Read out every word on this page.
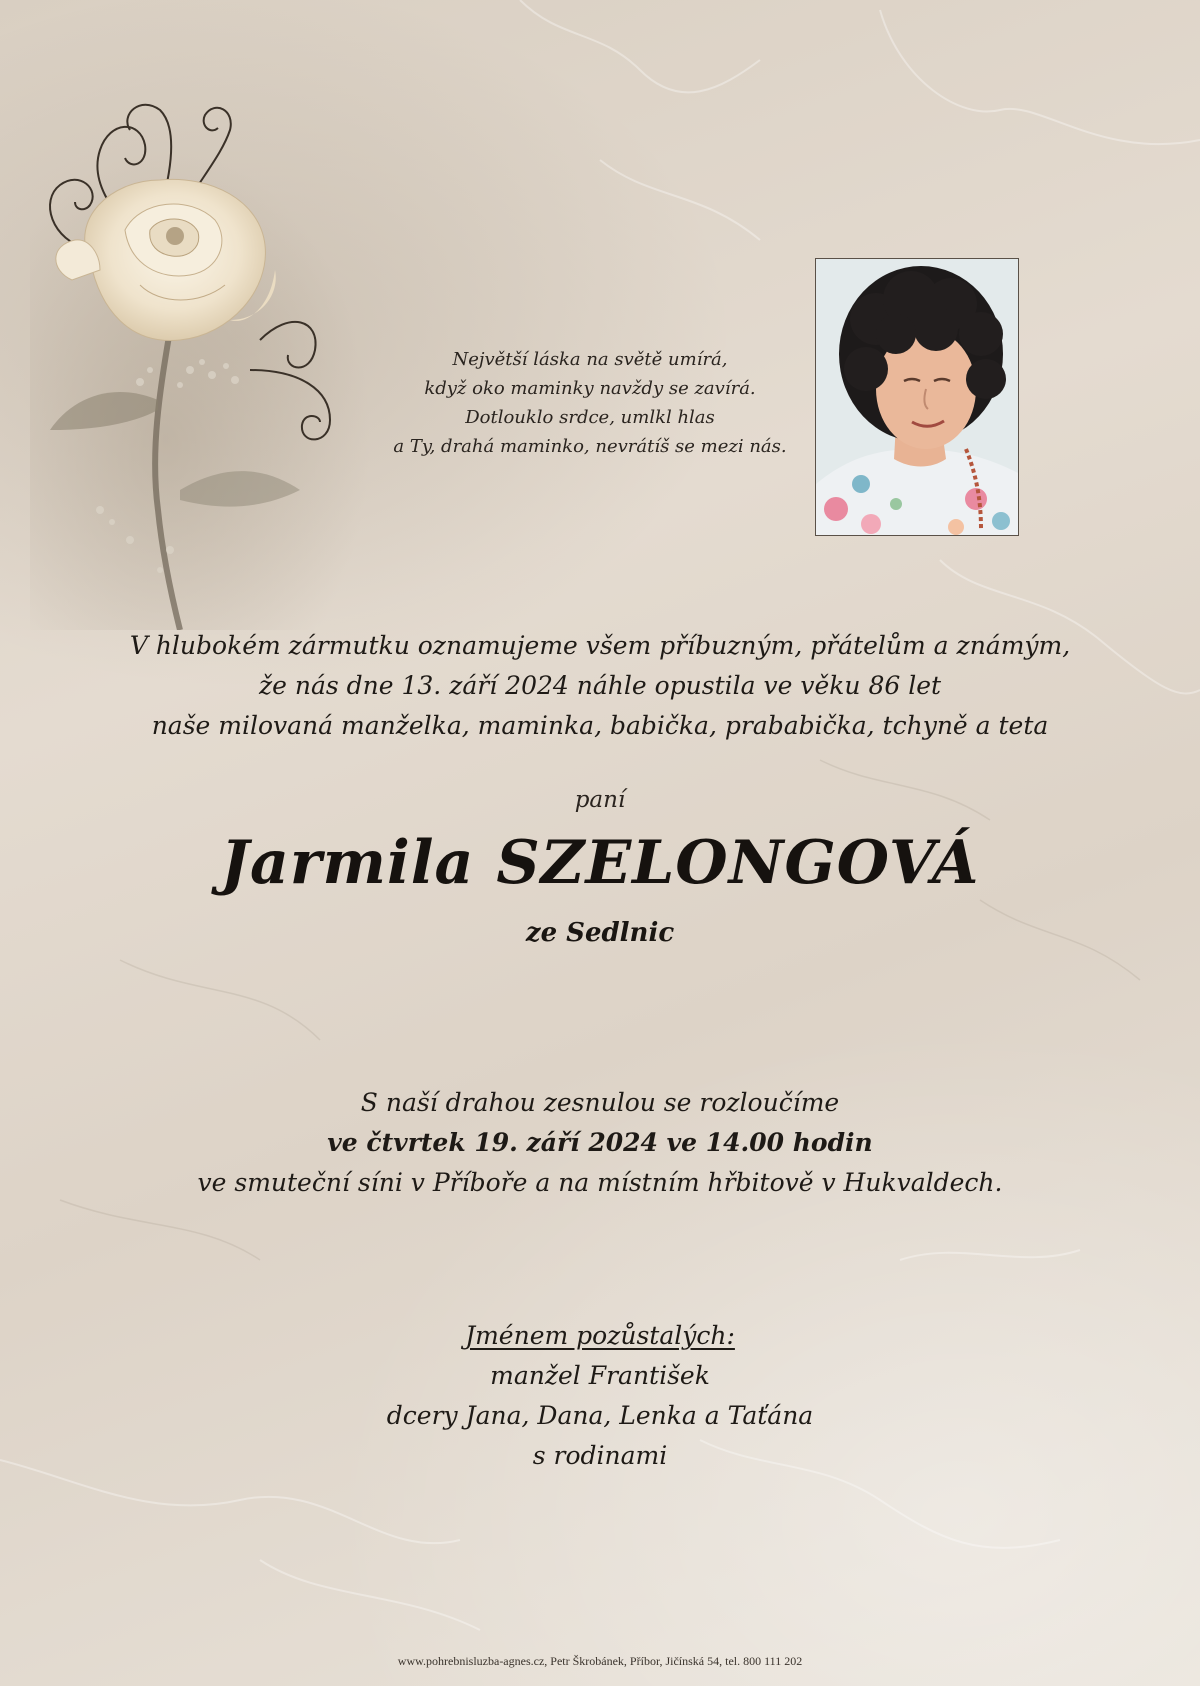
Největší láska na světě umírá,
když oko maminky navždy se zavírá.
Dotlouklo srdce, umlkl hlas
a Ty, drahá maminko, nevrátíš se mezi nás.
V hlubokém zármutku oznamujeme všem příbuzným, přátelům a známým,
že nás dne 13. září 2024 náhle opustila ve věku 86 let
naše milovaná manželka, maminka, babička, prababička, tchyně a teta
paní
Jarmila SZELONGOVÁ
ze Sedlnic
S naší drahou zesnulou se rozloučíme
ve čtvrtek 19. září 2024 ve 14.00 hodin
ve smuteční síni v Příboře a na místním hřbitově v Hukvaldech.
Jménem pozůstalých:
manžel František
dcery Jana, Dana, Lenka a Taťána
s rodinami
www.pohrebnisluzba-agnes.cz, Petr Škrobánek, Příbor, Jičínská 54, tel. 800 111 202
